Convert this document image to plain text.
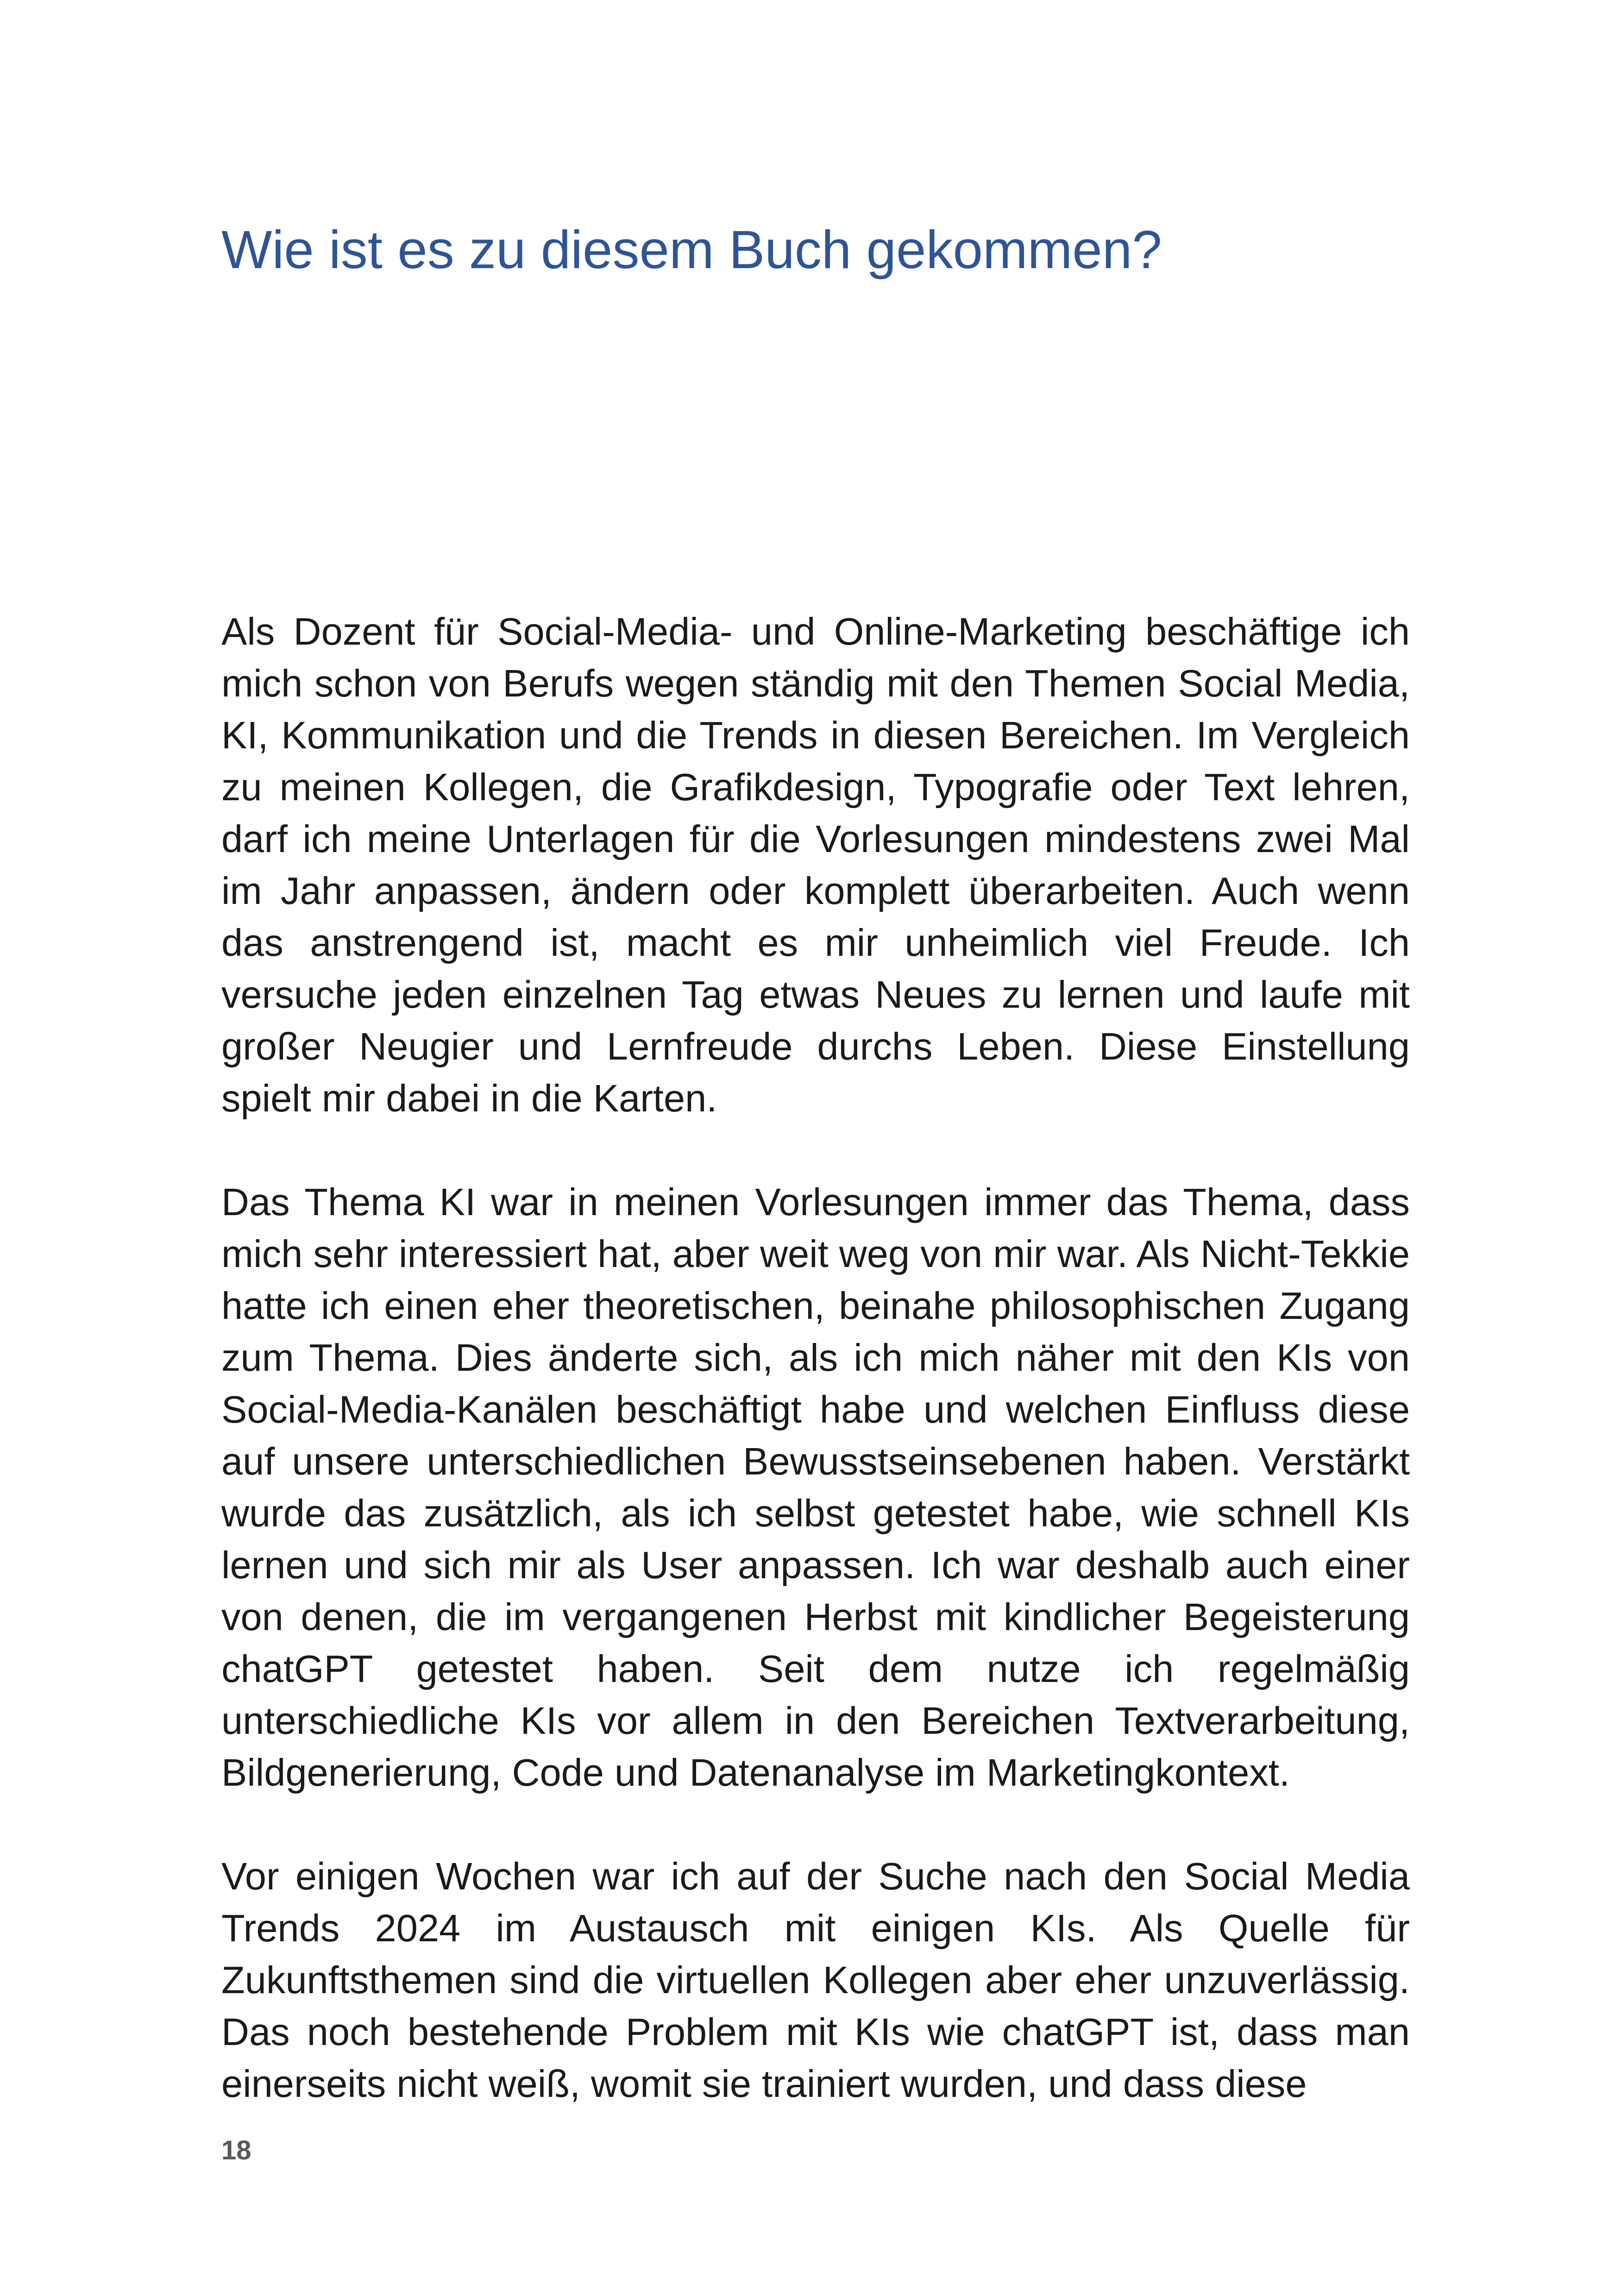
Wie ist es zu diesem Buch gekommen?

Als Dozent für Social-Media- und Online-Marketing beschäftige ich mich schon von Berufs wegen ständig mit den Themen Social Media, KI, Kommunikation und die Trends in diesen Bereichen. Im Vergleich zu meinen Kollegen, die Grafikdesign, Typografie oder Text lehren, darf ich meine Unterlagen für die Vorlesungen mindestens zwei Mal im Jahr anpassen, ändern oder komplett überarbeiten. Auch wenn das anstrengend ist, macht es mir unheimlich viel Freude. Ich versuche jeden einzelnen Tag etwas Neues zu lernen und laufe mit großer Neugier und Lernfreude durchs Leben. Diese Einstellung spielt mir dabei in die Karten.

Das Thema KI war in meinen Vorlesungen immer das Thema, dass mich sehr interessiert hat, aber weit weg von mir war. Als Nicht-Tekkie hatte ich einen eher theoretischen, beinahe philosophischen Zugang zum Thema. Dies änderte sich, als ich mich näher mit den KIs von Social-Media-Kanälen beschäftigt habe und welchen Einfluss diese auf unsere unterschiedlichen Bewusstseinsebenen haben. Verstärkt wurde das zusätzlich, als ich selbst getestet habe, wie schnell KIs lernen und sich mir als User anpassen. Ich war deshalb auch einer von denen, die im vergangenen Herbst mit kindlicher Begeisterung chatGPT getestet haben. Seit dem nutze ich regelmäßig unterschiedliche KIs vor allem in den Bereichen Textverarbeitung, Bildgenerierung, Code und Datenanalyse im Marketingkontext.

Vor einigen Wochen war ich auf der Suche nach den Social Media Trends 2024 im Austausch mit einigen KIs. Als Quelle für Zukunftsthemen sind die virtuellen Kollegen aber eher unzuverlässig. Das noch bestehende Problem mit KIs wie chatGPT ist, dass man einerseits nicht weiß, womit sie trainiert wurden, und dass diese

18
